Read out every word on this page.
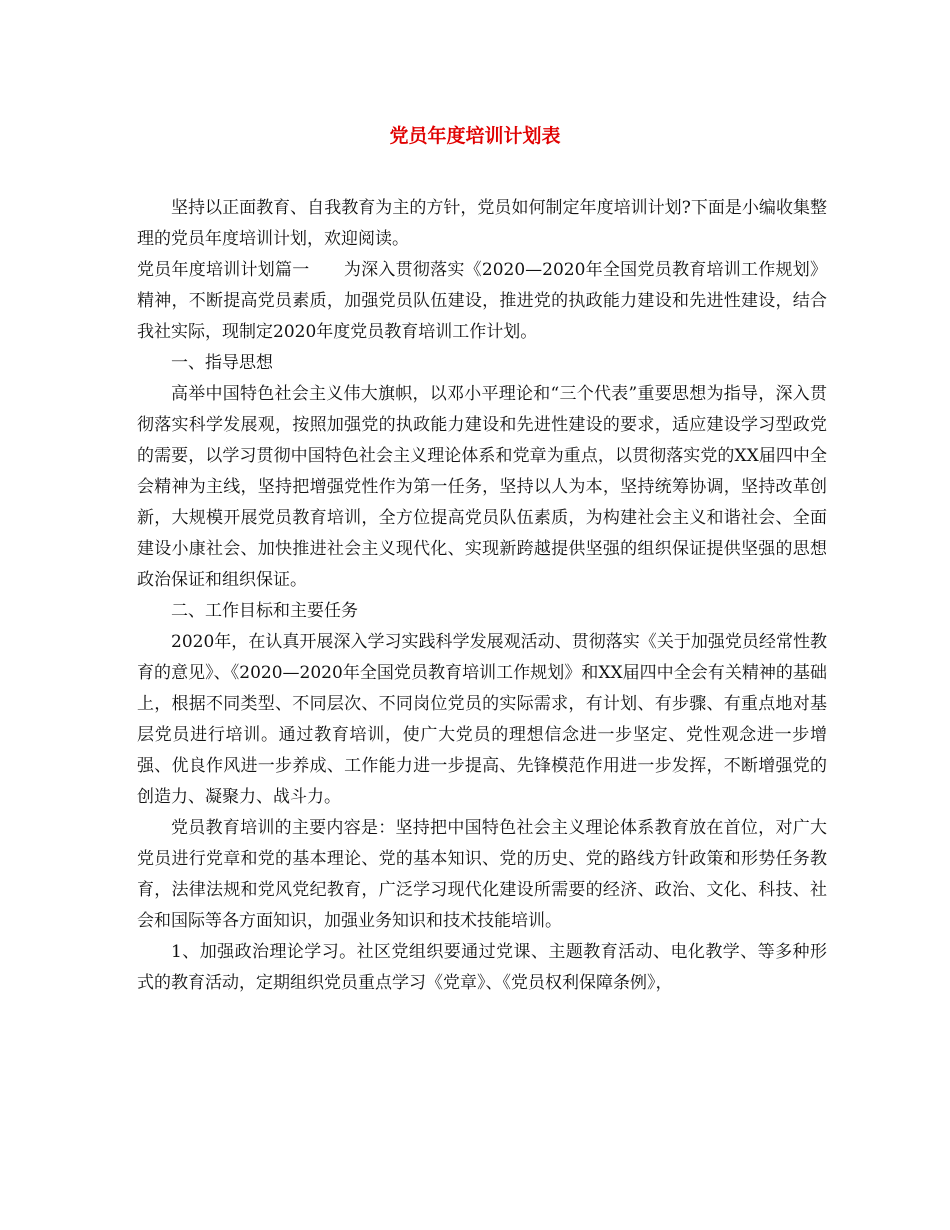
党员年度培训计划表

坚持以正面教育、自我教育为主的方针，党员如何制定年度培训计划?下面是小编收集整理的党员年度培训计划，欢迎阅读。

党员年度培训计划篇一 为深入贯彻落实《2020—2020年全国党员教育培训工作规划》精神，不断提高党员素质，加强党员队伍建设，推进党的执政能力建设和先进性建设，结合我社实际，现制定2020年度党员教育培训工作计划。

一、指导思想

高举中国特色社会主义伟大旗帜，以邓小平理论和“三个代表”重要思想为指导，深入贯彻落实科学发展观，按照加强党的执政能力建设和先进性建设的要求，适应建设学习型政党的需要，以学习贯彻中国特色社会主义理论体系和党章为重点，以贯彻落实党的XX届四中全会精神为主线，坚持把增强党性作为第一任务，坚持以人为本，坚持统筹协调，坚持改革创新，大规模开展党员教育培训，全方位提高党员队伍素质，为构建社会主义和谐社会、全面建设小康社会、加快推进社会主义现代化、实现新跨越提供坚强的组织保证提供坚强的思想政治保证和组织保证。

二、工作目标和主要任务

2020年，在认真开展深入学习实践科学发展观活动、贯彻落实《关于加强党员经常性教育的意见》、《2020—2020年全国党员教育培训工作规划》和XX届四中全会有关精神的基础上，根据不同类型、不同层次、不同岗位党员的实际需求，有计划、有步骤、有重点地对基层党员进行培训。通过教育培训，使广大党员的理想信念进一步坚定、党性观念进一步增强、优良作风进一步养成、工作能力进一步提高、先锋模范作用进一步发挥，不断增强党的创造力、凝聚力、战斗力。

党员教育培训的主要内容是：坚持把中国特色社会主义理论体系教育放在首位，对广大党员进行党章和党的基本理论、党的基本知识、党的历史、党的路线方针政策和形势任务教育，法律法规和党风党纪教育，广泛学习现代化建设所需要的经济、政治、文化、科技、社会和国际等各方面知识，加强业务知识和技术技能培训。

1、加强政治理论学习。社区党组织要通过党课、主题教育活动、电化教学、等多种形式的教育活动，定期组织党员重点学习《党章》、《党员权利保障条例》，
